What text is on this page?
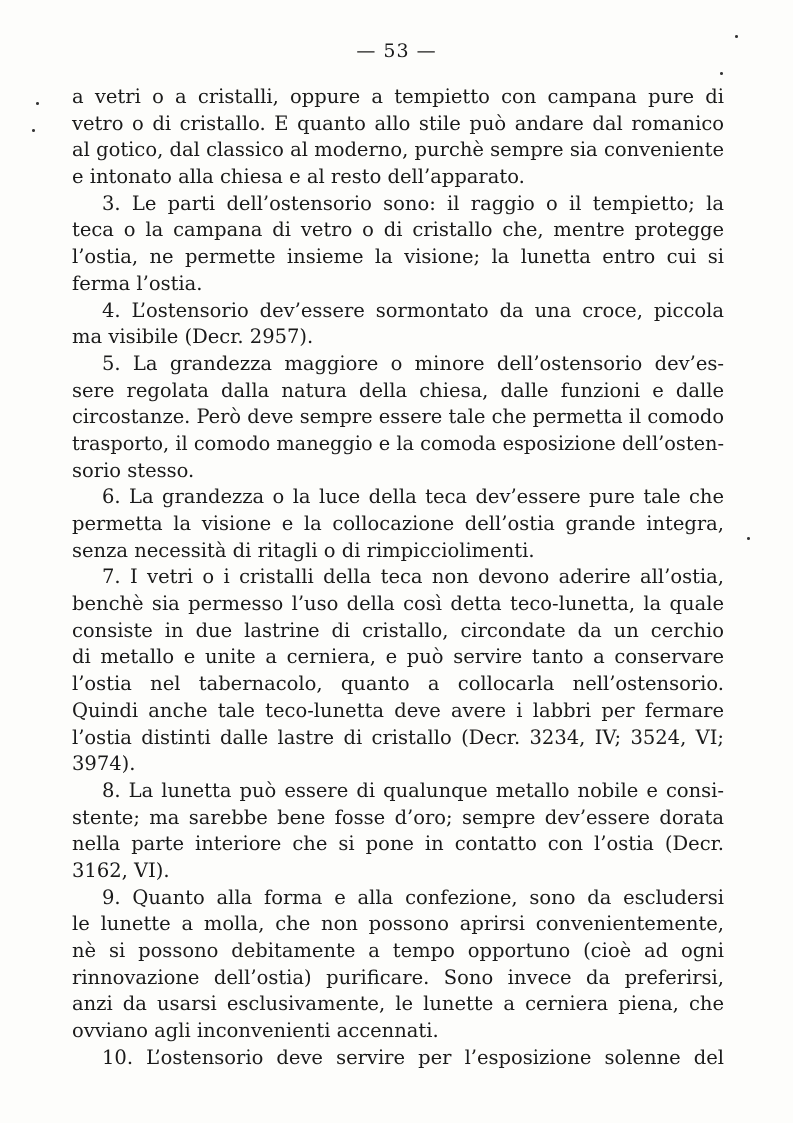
— 53 —
a vetri o a cristalli, oppure a tempietto con campana pure di
vetro o di cristallo. E quanto allo stile può andare dal romanico
al gotico, dal classico al moderno, purchè sempre sia conveniente
e intonato alla chiesa e al resto dell’apparato.
3. Le parti dell’ostensorio sono: il raggio o il tempietto; la
teca o la campana di vetro o di cristallo che, mentre protegge
l’ostia, ne permette insieme la visione; la lunetta entro cui si
ferma l’ostia.
4. L’ostensorio dev’essere sormontato da una croce, piccola
ma visibile (Decr. 2957).
5. La grandezza maggiore o minore dell’ostensorio dev’es-
sere regolata dalla natura della chiesa, dalle funzioni e dalle
circostanze. Però deve sempre essere tale che permetta il comodo
trasporto, il comodo maneggio e la comoda esposizione dell’osten-
sorio stesso.
6. La grandezza o la luce della teca dev’essere pure tale che
permetta la visione e la collocazione dell’ostia grande integra,
senza necessità di ritagli o di rimpicciolimenti.
7. I vetri o i cristalli della teca non devono aderire all’ostia,
benchè sia permesso l’uso della così detta teco-lunetta, la quale
consiste in due lastrine di cristallo, circondate da un cerchio
di metallo e unite a cerniera, e può servire tanto a conservare
l’ostia nel tabernacolo, quanto a collocarla nell’ostensorio.
Quindi anche tale teco-lunetta deve avere i labbri per fermare
l’ostia distinti dalle lastre di cristallo (Decr. 3234, IV; 3524, VI;
3974).
8. La lunetta può essere di qualunque metallo nobile e consi-
stente; ma sarebbe bene fosse d’oro; sempre dev’essere dorata
nella parte interiore che si pone in contatto con l’ostia (Decr.
3162, VI).
9. Quanto alla forma e alla confezione, sono da escludersi
le lunette a molla, che non possono aprirsi convenientemente,
nè si possono debitamente a tempo opportuno (cioè ad ogni
rinnovazione dell’ostia) purificare. Sono invece da preferirsi,
anzi da usarsi esclusivamente, le lunette a cerniera piena, che
ovviano agli inconvenienti accennati.
10. L’ostensorio deve servire per l’esposizione solenne del
